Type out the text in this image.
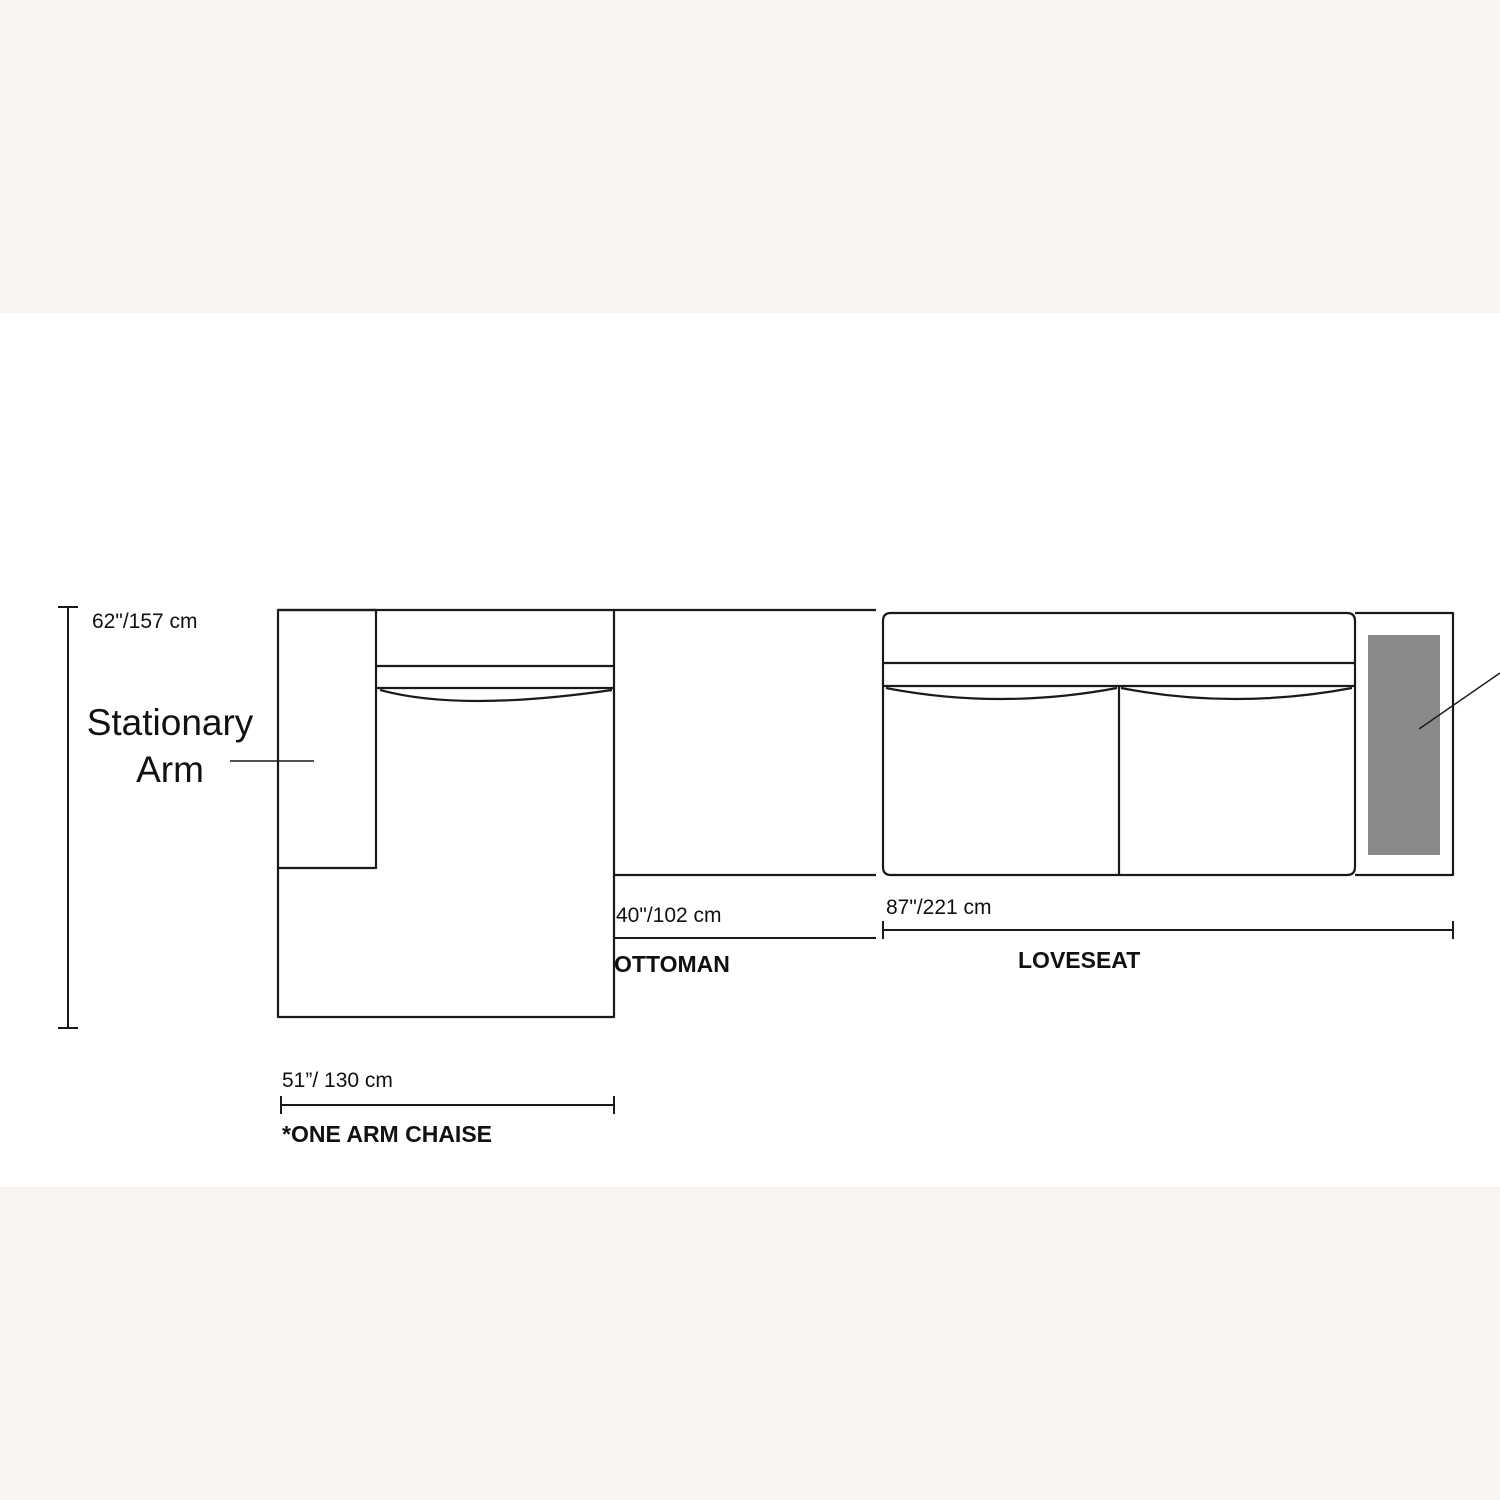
62"/157 cm
Stationary
Arm
51”/ 130 cm
*ONE ARM CHAISE
40"/102 cm
OTTOMAN
87"/221 cm
LOVESEAT
